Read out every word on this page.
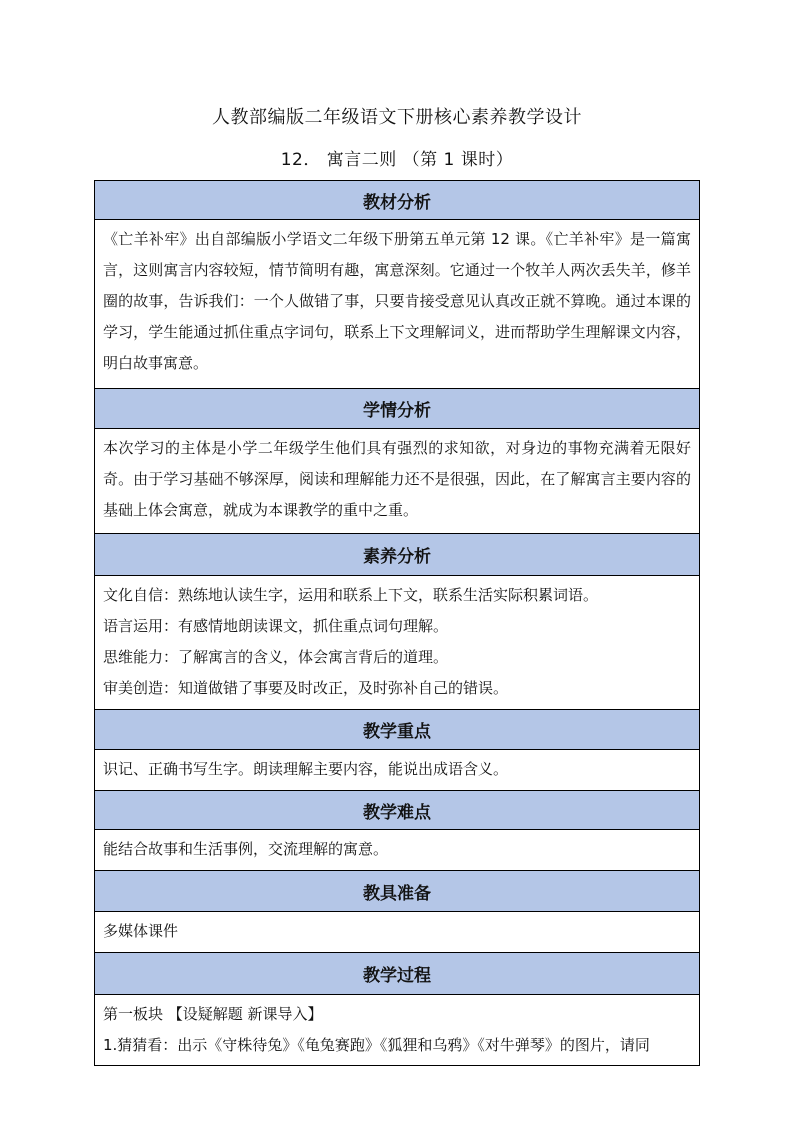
人教部编版二年级语文下册核心素养教学设计
12． 寓言二则 （第 1 课时）
教材分析
《亡羊补牢》出自部编版小学语文二年级下册第五单元第 12 课。《亡羊补牢》是一篇寓言，这则寓言内容较短，情节简明有趣，寓意深刻。它通过一个牧羊人两次丢失羊，修羊圈的故事，告诉我们：一个人做错了事，只要肯接受意见认真改正就不算晚。通过本课的学习，学生能通过抓住重点字词句，联系上下文理解词义，进而帮助学生理解课文内容，明白故事寓意。
学情分析
本次学习的主体是小学二年级学生他们具有强烈的求知欲，对身边的事物充满着无限好奇。由于学习基础不够深厚，阅读和理解能力还不是很强，因此，在了解寓言主要内容的基础上体会寓意，就成为本课教学的重中之重。
素养分析

文化自信：熟练地认读生字，运用和联系上下文，联系生活实际积累词语。

语言运用：有感情地朗读课文，抓住重点词句理解。

思维能力：了解寓言的含义，体会寓言背后的道理。

审美创造：知道做错了事要及时改正，及时弥补自己的错误。

教学重点
识记、正确书写生字。朗读理解主要内容，能说出成语含义。
教学难点
能结合故事和生活事例，交流理解的寓意。
教具准备
多媒体课件
教学过程

第一板块 【设疑解题 新课导入】

1.猜猜看：出示《守株待兔》《龟兔赛跑》《狐狸和乌鸦》《对牛弹琴》的图片，请同
